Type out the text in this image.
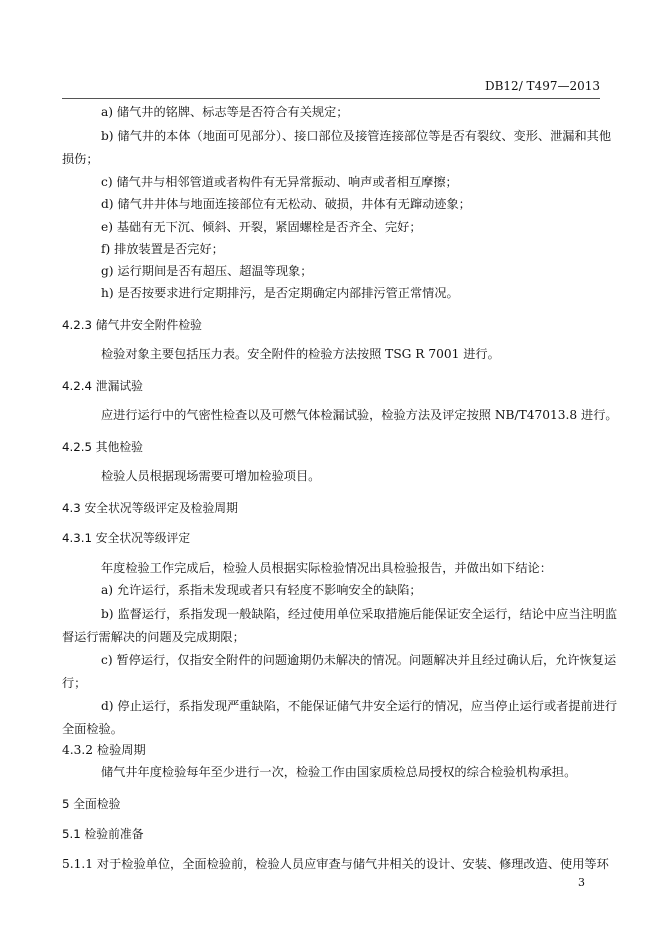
DB12/ T497—2013
a) 储气井的铭牌、标志等是否符合有关规定；
b) 储气井的本体（地面可见部分）、接口部位及接管连接部位等是否有裂纹、变形、泄漏和其他
损伤；
c) 储气井与相邻管道或者构件有无异常振动、响声或者相互摩擦；
d) 储气井井体与地面连接部位有无松动、破损，井体有无蹿动迹象；
e) 基础有无下沉、倾斜、开裂，紧固螺栓是否齐全、完好；
f) 排放装置是否完好；
g) 运行期间是否有超压、超温等现象；
h) 是否按要求进行定期排污，是否定期确定内部排污管正常情况。
4.2.3 储气井安全附件检验
检验对象主要包括压力表。安全附件的检验方法按照 TSG R 7001 进行。
4.2.4 泄漏试验
应进行运行中的气密性检查以及可燃气体检漏试验，检验方法及评定按照 NB/T47013.8 进行。
4.2.5 其他检验
检验人员根据现场需要可增加检验项目。
4.3 安全状况等级评定及检验周期
4.3.1 安全状况等级评定
年度检验工作完成后，检验人员根据实际检验情况出具检验报告，并做出如下结论：
a) 允许运行，系指未发现或者只有轻度不影响安全的缺陷；
b) 监督运行，系指发现一般缺陷，经过使用单位采取措施后能保证安全运行，结论中应当注明监
督运行需解决的问题及完成期限；
c) 暂停运行，仅指安全附件的问题逾期仍未解决的情况。问题解决并且经过确认后，允许恢复运
行；
d) 停止运行，系指发现严重缺陷，不能保证储气井安全运行的情况，应当停止运行或者提前进行
全面检验。
4.3.2 检验周期
储气井年度检验每年至少进行一次，检验工作由国家质检总局授权的综合检验机构承担。
5 全面检验
5.1 检验前准备
5.1.1 对于检验单位，全面检验前，检验人员应审查与储气井相关的设计、安装、修理改造、使用等环
3
